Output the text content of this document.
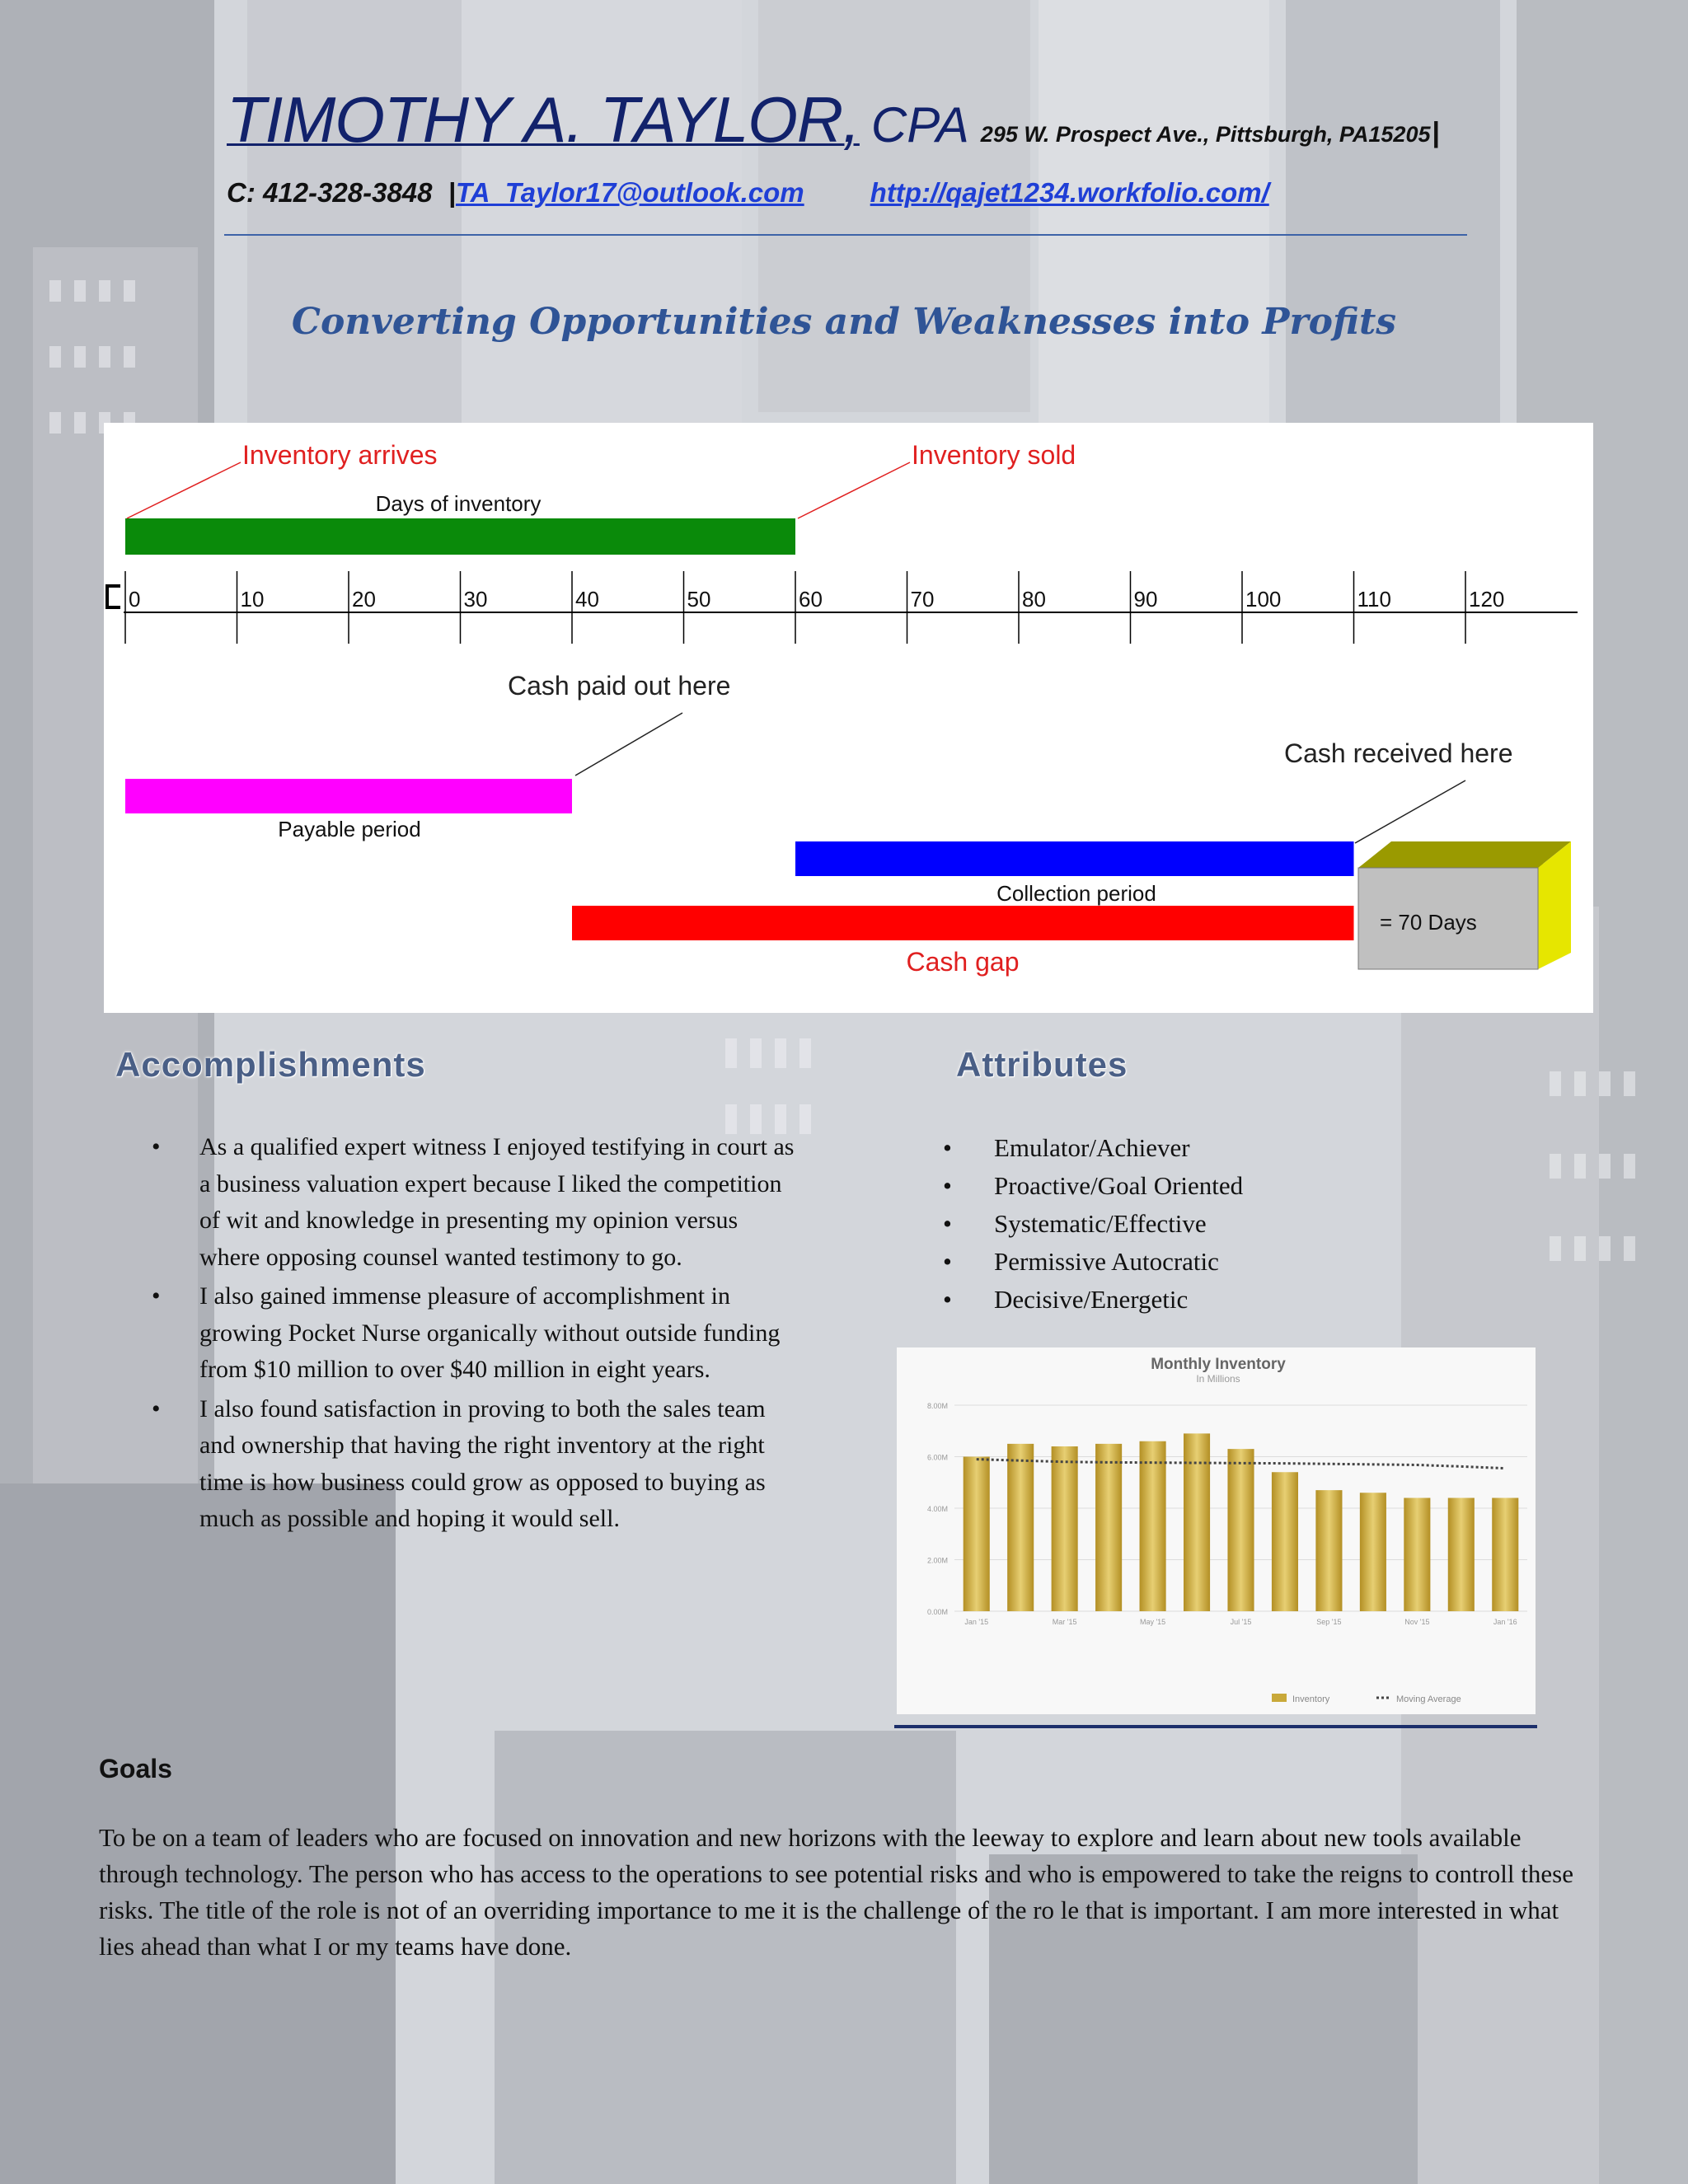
TIMOTHY A. TAYLOR, CPA 295 W. Prospect Ave., Pittsburgh, PA15205|
C: 412-328-3848 |TA_Taylor17@outlook.com http://qajet1234.workfolio.com/
Converting Opportunities and Weaknesses into Profits
0	10	20	30	40	50	60	70	80	90	100	110	120
Days of inventory
Payable period
Collection period
Cash gap
Inventory arrives	Inventory sold
Cash paid out here
Cash received here
= 70 Days
Accomplishments
• As a qualified expert witness I enjoyed testifying in court as a business valuation expert because I liked the competition of wit and knowledge in presenting my opinion versus where opposing counsel wanted testimony to go.
• I also gained immense pleasure of accomplishment in growing Pocket Nurse organically without outside funding from $10 million to over $40 million in eight years.
• I also found satisfaction in proving to both the sales team and ownership that having the right inventory at the right time is how business could grow as opposed to buying as much as possible and hoping it would sell.
Attributes
• Emulator/Achiever
• Proactive/Goal Oriented
• Systematic/Effective
• Permissive Autocratic
• Decisive/Energetic
Monthly Inventory
In Millions
0.00M
2.00M
4.00M
6.00M
8.00M
Jan '15	Mar '15	May '15	Jul '15	Sep '15	Nov '15	Jan '16
Inventory	Moving Average
Goals

To be on a team of leaders who are focused on innovation and new horizons with the leeway to explore and learn about new tools available through technology. The person who has access to the operations to see potential risks and who is empowered to take the reigns to controll these risks. The title of the role is not of an overriding importance to me it is the challenge of the ro le that is important. I am more interested in what lies ahead than what I or my teams have done.
